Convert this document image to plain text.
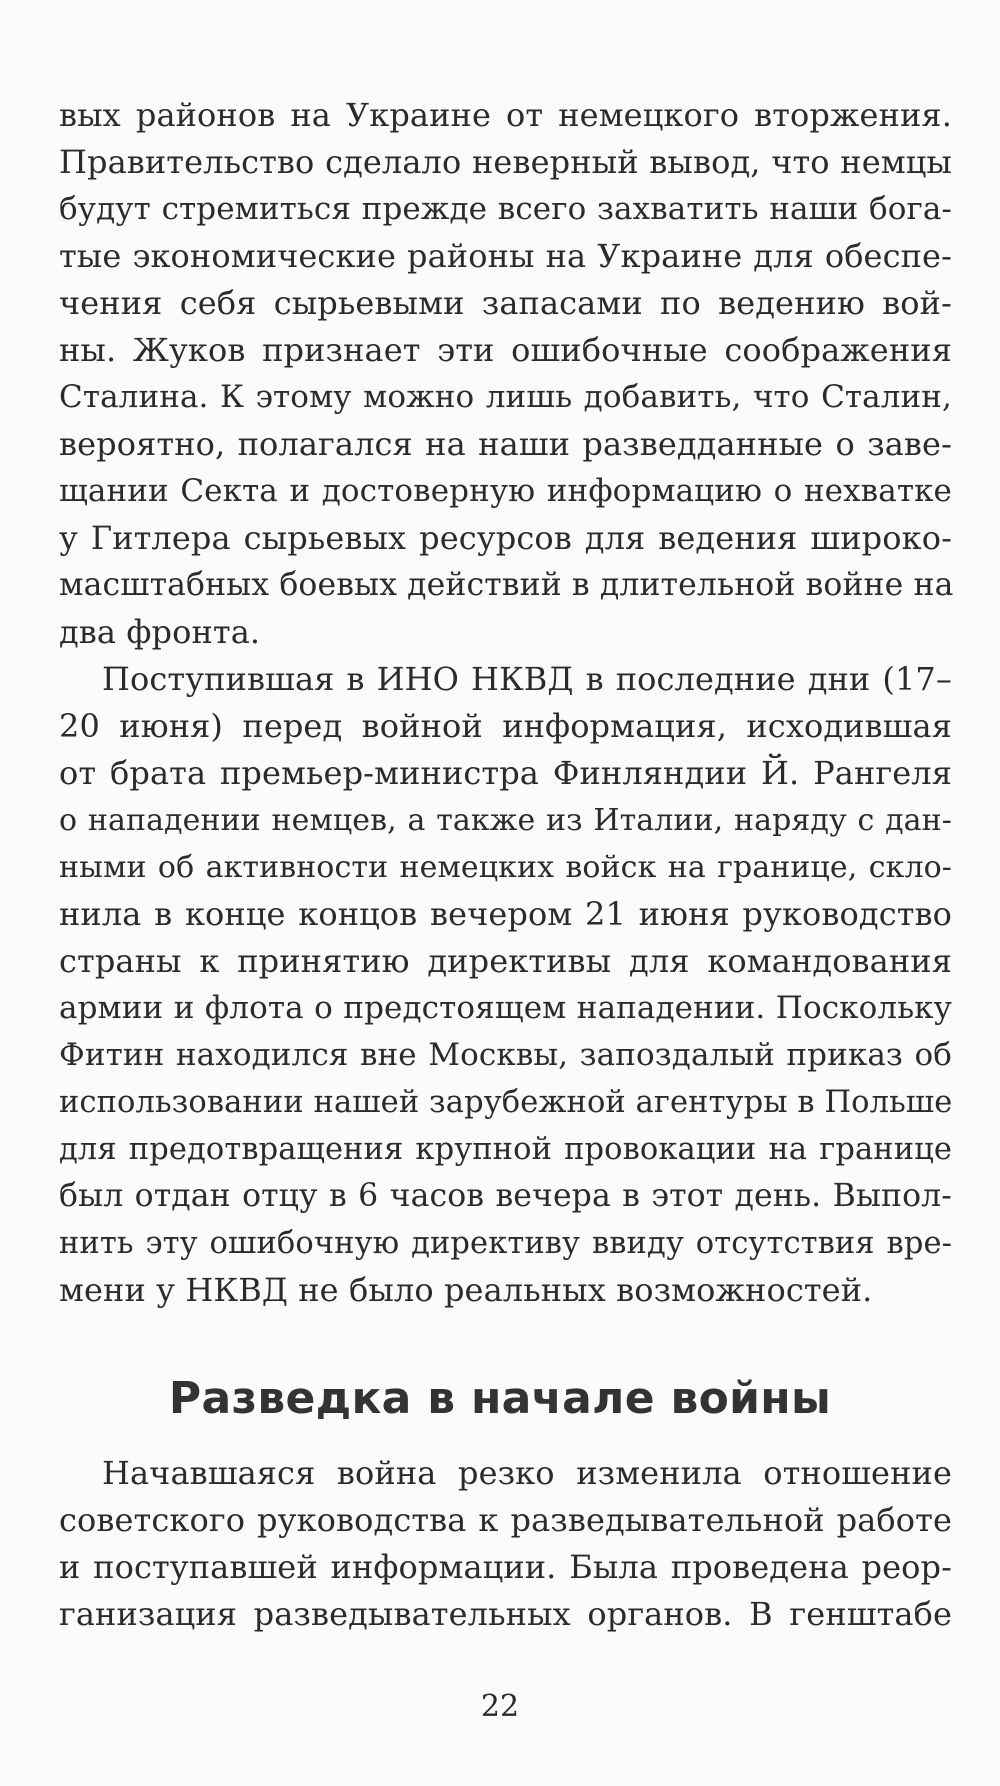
вых районов на Украине от немецкого вторжения.
Правительство сделало неверный вывод, что немцы
будут стремиться прежде всего захватить наши бога-
тые экономические районы на Украине для обеспе-
чения себя сырьевыми запасами по ведению вой-
ны. Жуков признает эти ошибочные соображения
Сталина. К этому можно лишь добавить, что Сталин,
вероятно, полагался на наши разведданные о заве-
щании Секта и достоверную информацию о нехватке
у Гитлера сырьевых ресурсов для ведения широко-
масштабных боевых действий в длительной войне на
два фронта.
Поступившая в ИНО НКВД в последние дни (17–
20 июня) перед войной информация, исходившая
от брата премьер-министра Финляндии Й. Рангеля
о нападении немцев, а также из Италии, наряду с дан-
ными об активности немецких войск на границе, скло-
нила в конце концов вечером 21 июня руководство
страны к принятию директивы для командования
армии и флота о предстоящем нападении. Поскольку
Фитин находился вне Москвы, запоздалый приказ об
использовании нашей зарубежной агентуры в Польше
для предотвращения крупной провокации на границе
был отдан отцу в 6 часов вечера в этот день. Выпол-
нить эту ошибочную директиву ввиду отсутствия вре-
мени у НКВД не было реальных возможностей.
Разведка в начале войны
Начавшаяся война резко изменила отношение
советского руководства к разведывательной работе
и поступавшей информации. Была проведена реор-
ганизация разведывательных органов. В генштабе
22
